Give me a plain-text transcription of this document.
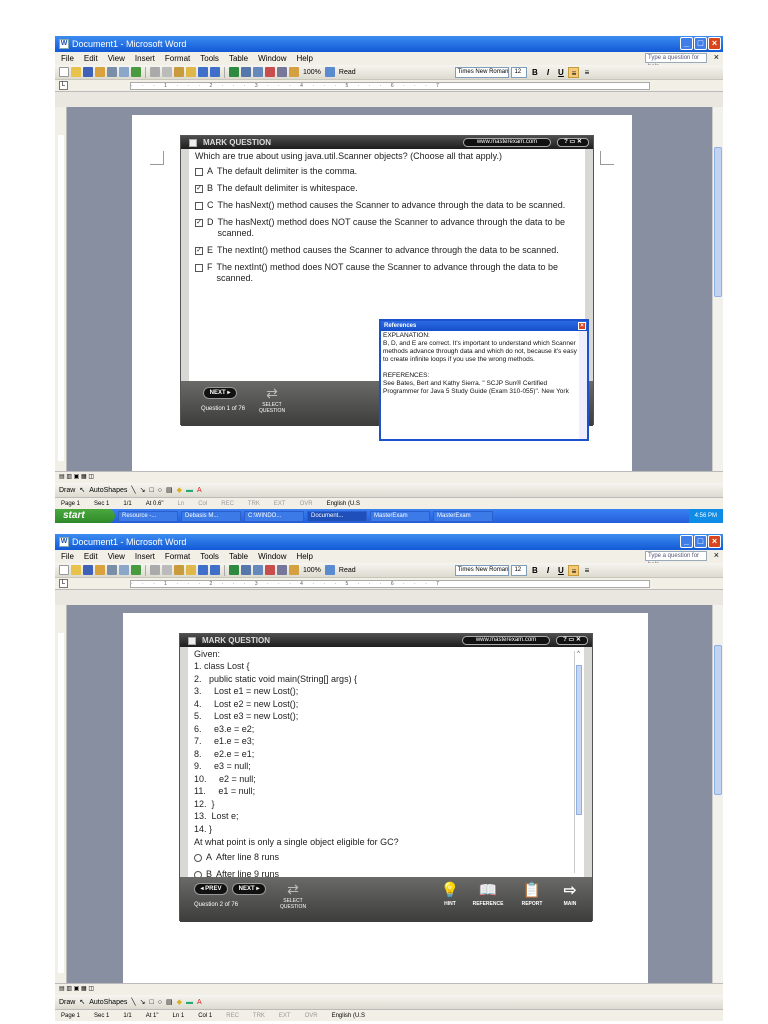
W Document1 - Microsoft Word	_ □ ×
File Edit View Insert Format Tools Table Window Help	Type a question for	×
100%	Read	Times New Roman	12	B	I	U ≡	≡
L	· · · 1 · · · 2 · · · 3 · · · 4 · · · 5 · · · 6 · · · 7
MARK QUESTION	www.masterexam.com	? ▭ ✕
Which are true about using java.util.Scanner objects? (Choose all that apply.)
A The default delimiter is the comma.
✓ B The default delimiter is whitespace.
C The hasNext() method causes the Scanner to advance through the data to be scanned.
✓ D The hasNext() method does NOT cause the Scanner to advance through the data to be scanned.
✓ E The nextInt() method causes the Scanner to advance through the data to be scanned.
F The nextInt() method does NOT cause the Scanner to advance through the data to be scanned.
NEXT ▸	⇄
SELECT QUESTION
Question 1 of 76
References	×
EXPLANATION:
B, D, and E are correct. It's important to understand which Scanner methods advance through data and which do not, because it's easy to create infinite loops if you use the wrong methods.

REFERENCES:
See Bates, Bert and Kathy Sierra. " SCJP Sun® Certified Programmer for Java 5 Study Guide (Exam 310-055)". New York
▤ ▥ ▣ ▦ ◫
Draw ↖ AutoShapes ╲ ↘ □ ○ ▤ ◆ ▬ A
Page 1 Sec 1 1/1 At 0.6" Ln Col REC TRK EXT OVR English (U.S
start	Resource -...	Debasis M...	C:\WINDO...	Document...	MasterExam	MasterExam	4:56 PM
W Document1 - Microsoft Word	_ □ ×
File Edit View Insert Format Tools Table Window Help	Type a question for	×
100%	Read	Times New Roman	12	B	I	U ≡	≡
L	· · · 1 · · · 2 · · · 3 · · · 4 · · · 5 · · · 6 · · · 7
MARK QUESTION	www.masterexam.com	? ▭ ✕
Given:
1. class Lost {
2.   public static void main(String[] args) {
3.     Lost e1 = new Lost();
4.     Lost e2 = new Lost();
5.     Lost e3 = new Lost();
6.     e3.e = e2;
7.     e1.e = e3;
8.     e2.e = e1;
9.     e3 = null;
10.     e2 = null;
11.     e1 = null;
12.  }
13.  Lost e;
14. }
At what point is only a single object eligible for GC?
A After line 8 runs
B After line 9 runs
^
◂ PREV	NEXT ▸	⇄
SELECT QUESTION
Question 2 of 76
💡
HINT
📖
REFERENCE
📋
REPORT
⇨
MAIN
▤ ▥ ▣ ▦ ◫
Draw ↖ AutoShapes ╲ ↘ □ ○ ▤ ◆ ▬ A
Page 1 Sec 1 1/1 At 1" Ln 1 Col 1 REC TRK EXT OVR English (U.S
